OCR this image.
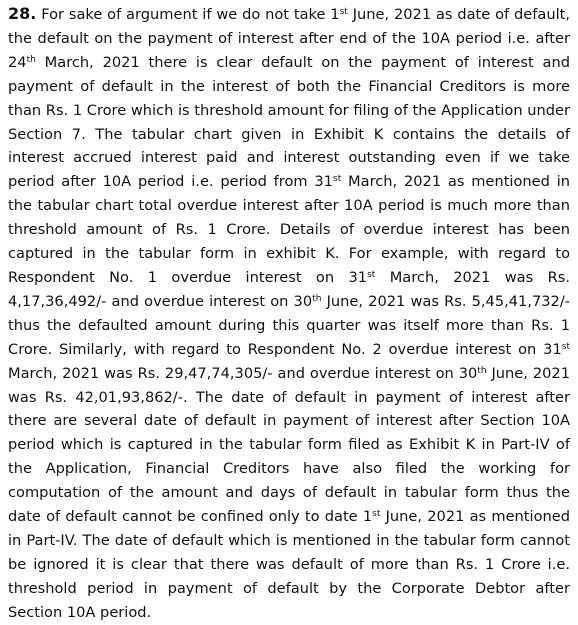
28. For sake of argument if we do not take 1st June, 2021 as date of default, the default on the payment of interest after end of the 10A period i.e. after 24th March, 2021 there is clear default on the payment of interest and payment of default in the interest of both the Financial Creditors is more than Rs. 1 Crore which is threshold amount for filing of the Application under Section 7. The tabular chart given in Exhibit K contains the details of interest accrued interest paid and interest outstanding even if we take period after 10A period i.e. period from 31st March, 2021 as mentioned in the tabular chart total overdue interest after 10A period is much more than threshold amount of Rs. 1 Crore. Details of overdue interest has been captured in the tabular form in exhibit K. For example, with regard to Respondent No. 1 overdue interest on 31st March, 2021 was Rs. 4,17,36,492/- and overdue interest on 30th June, 2021 was Rs. 5,45,41,732/- thus the defaulted amount during this quarter was itself more than Rs. 1 Crore. Similarly, with regard to Respondent No. 2 overdue interest on 31st March, 2021 was Rs. 29,47,74,305/- and overdue interest on 30th June, 2021 was Rs. 42,01,93,862/-. The date of default in payment of interest after there are several date of default in payment of interest after Section 10A period which is captured in the tabular form filed as Exhibit K in Part-IV of the Application, Financial Creditors have also filed the working for computation of the amount and days of default in tabular form thus the date of default cannot be confined only to date 1st June, 2021 as mentioned in Part-IV. The date of default which is mentioned in the tabular form cannot be ignored it is clear that there was default of more than Rs. 1 Crore i.e. threshold period in payment of default by the Corporate Debtor after Section 10A period.
